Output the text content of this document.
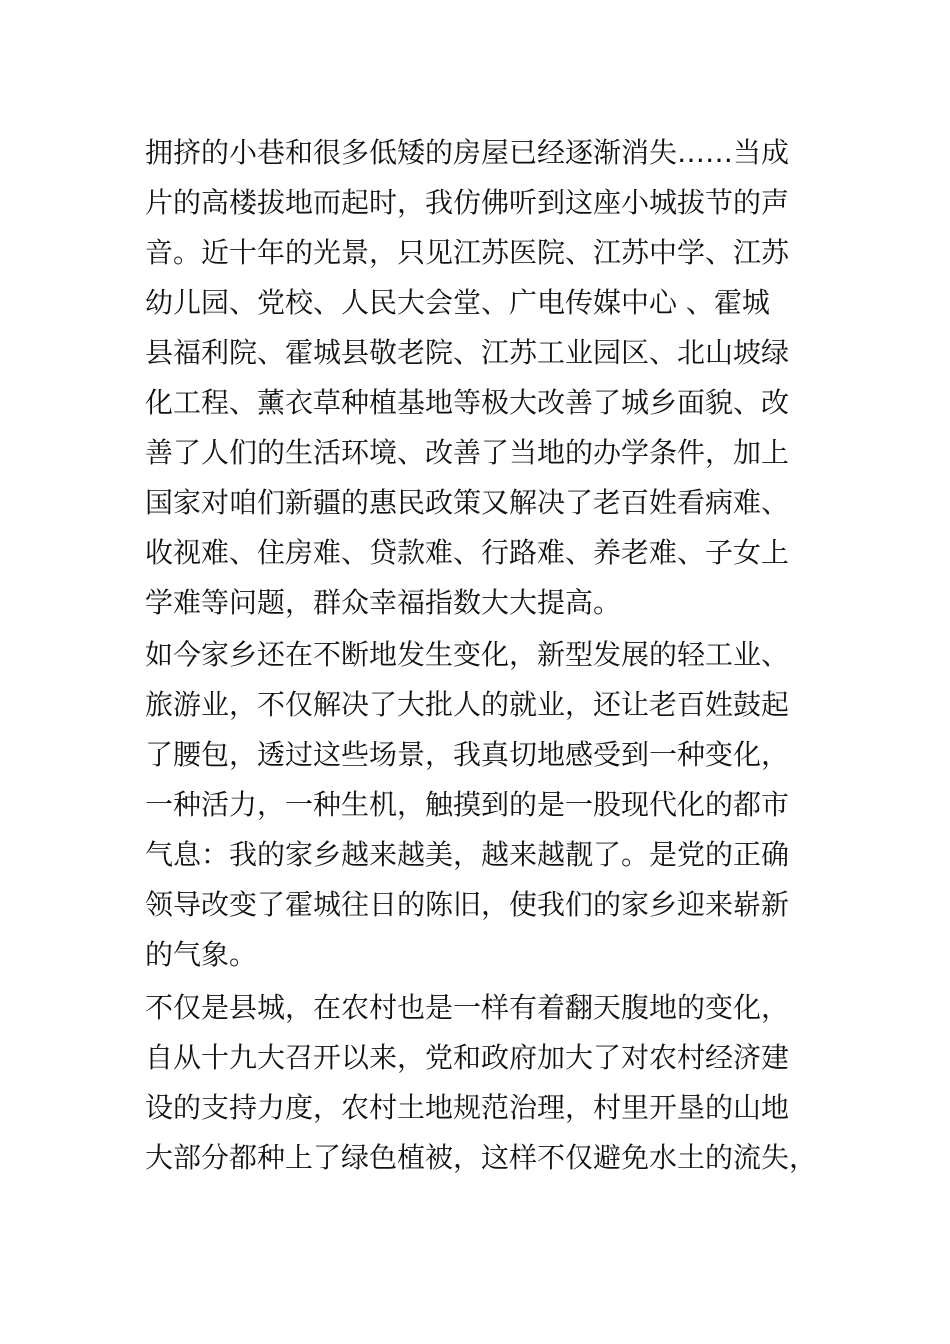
拥挤的小巷和很多低矮的房屋已经逐渐消失……当成
片的高楼拔地而起时，我仿佛听到这座小城拔节的声
音。近十年的光景，只见江苏医院、江苏中学、江苏
幼儿园、党校、人民大会堂、广电传媒中心 、霍城
县福利院、霍城县敬老院、江苏工业园区、北山坡绿
化工程、薰衣草种植基地等极大改善了城乡面貌、改
善了人们的生活环境、改善了当地的办学条件，加上
国家对咱们新疆的惠民政策又解决了老百姓看病难、
收视难、住房难、贷款难、行路难、养老难、子女上
学难等问题，群众幸福指数大大提高。
如今家乡还在不断地发生变化，新型发展的轻工业、
旅游业，不仅解决了大批人的就业，还让老百姓鼓起
了腰包，透过这些场景，我真切地感受到一种变化，
一种活力，一种生机，触摸到的是一股现代化的都市
气息：我的家乡越来越美，越来越靓了。是党的正确
领导改变了霍城往日的陈旧，使我们的家乡迎来崭新
的气象。
不仅是县城，在农村也是一样有着翻天腹地的变化，
自从十九大召开以来，党和政府加大了对农村经济建
设的支持力度，农村土地规范治理，村里开垦的山地
大部分都种上了绿色植被，这样不仅避免水土的流失，
